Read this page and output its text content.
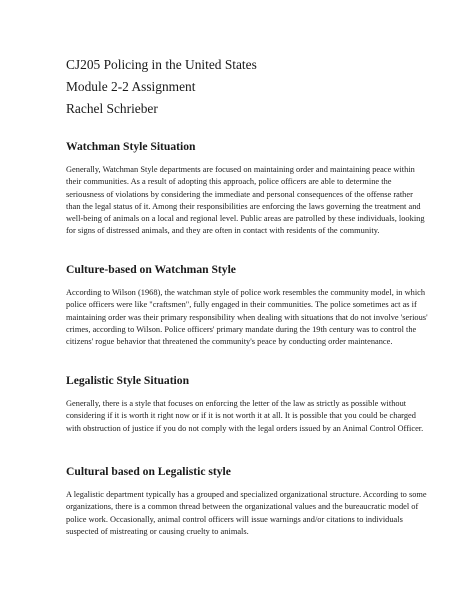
CJ205 Policing in the United States

Module 2-2 Assignment

Rachel Schrieber

Watchman Style Situation

Generally, Watchman Style departments are focused on maintaining order and maintaining peace within their communities. As a result of adopting this approach, police officers are able to determine the seriousness of violations by considering the immediate and personal consequences of the offense rather than the legal status of it. Among their responsibilities are enforcing the laws governing the treatment and well-being of animals on a local and regional level. Public areas are patrolled by these individuals, looking for signs of distressed animals, and they are often in contact with residents of the community.

Culture-based on Watchman Style

According to Wilson (1968), the watchman style of police work resembles the community model, in which police officers were like "craftsmen", fully engaged in their communities. The police sometimes act as if maintaining order was their primary responsibility when dealing with situations that do not involve 'serious' crimes, according to Wilson. Police officers' primary mandate during the 19th century was to control the citizens' rogue behavior that threatened the community's peace by conducting order maintenance.

Legalistic Style Situation

Generally, there is a style that focuses on enforcing the letter of the law as strictly as possible without considering if it is worth it right now or if it is not worth it at all. It is possible that you could be charged with obstruction of justice if you do not comply with the legal orders issued by an Animal Control Officer.

Cultural based on Legalistic style

A legalistic department typically has a grouped and specialized organizational structure. According to some organizations, there is a common thread between the organizational values and the bureaucratic model of police work. Occasionally, animal control officers will issue warnings and/or citations to individuals suspected of mistreating or causing cruelty to animals.
